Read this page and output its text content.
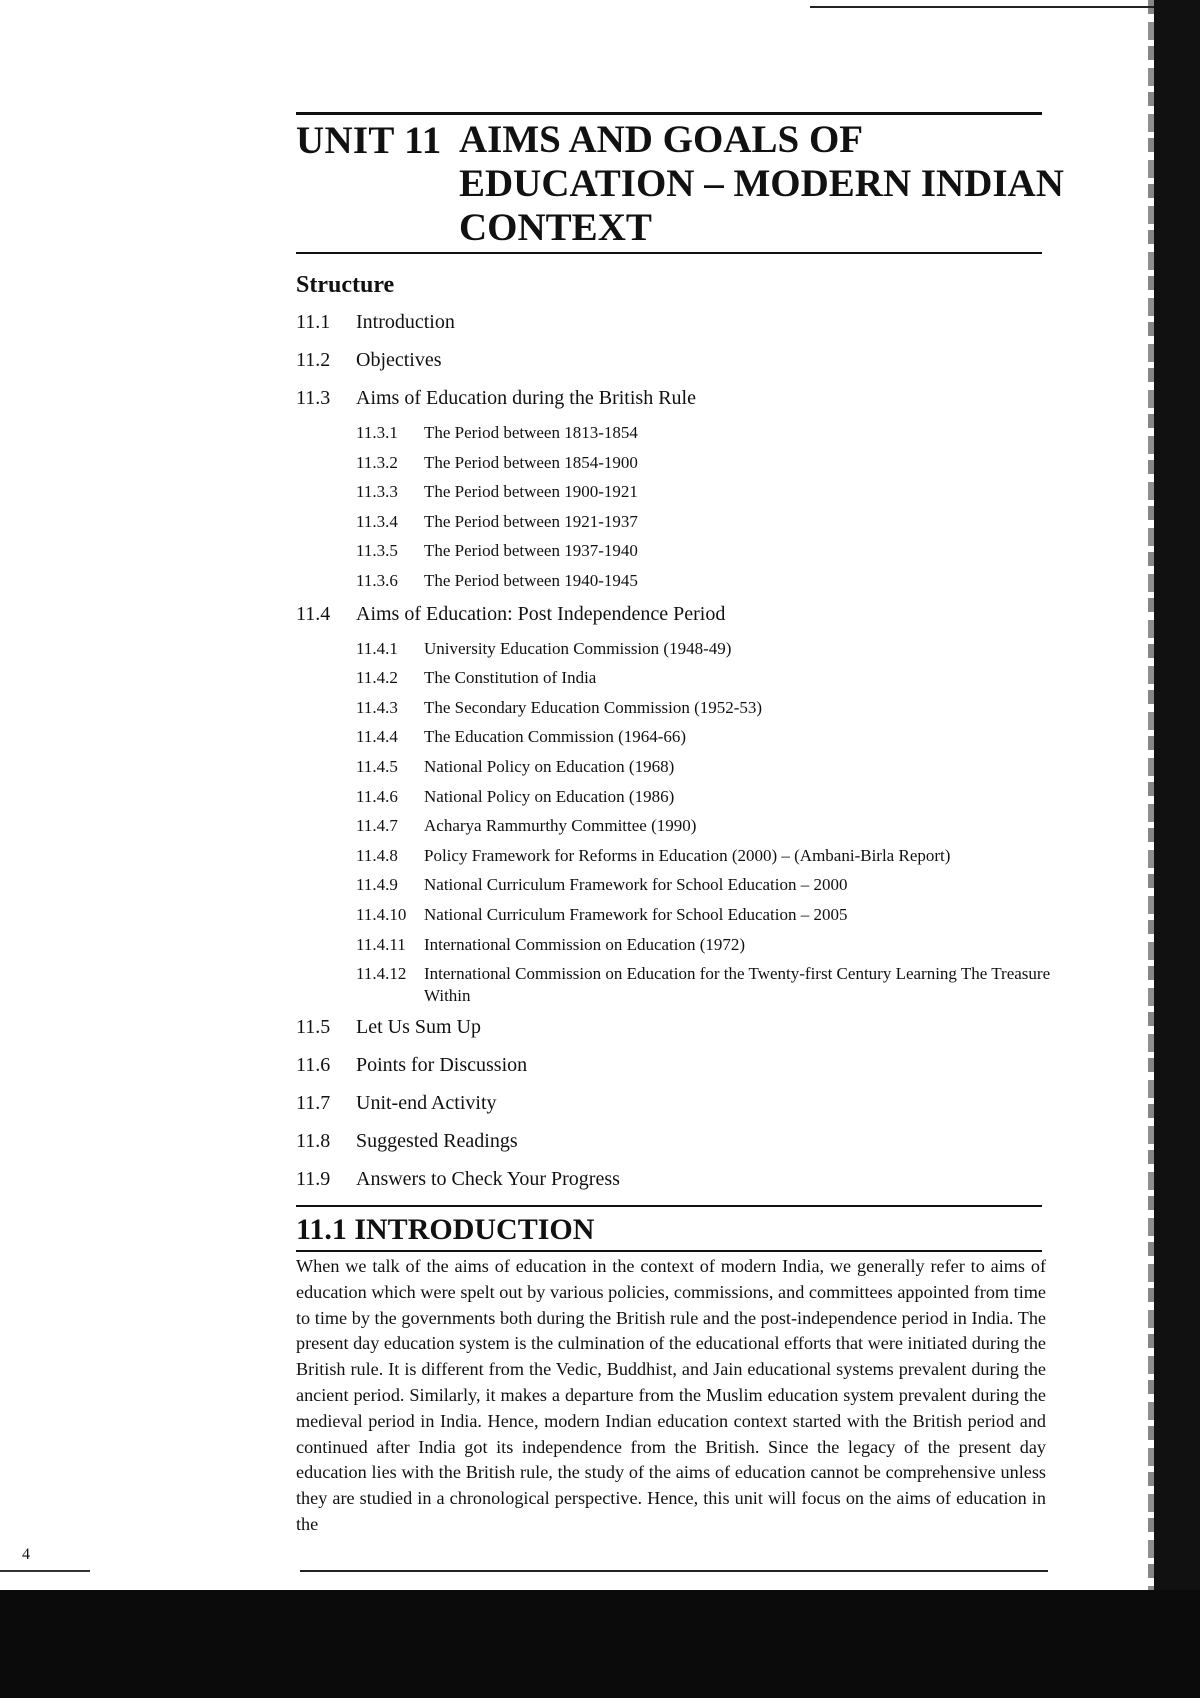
UNIT 11 AIMS AND GOALS OF
EDUCATION – MODERN INDIAN
CONTEXT
Structure
11.1	Introduction
11.2	Objectives
11.3	Aims of Education during the British Rule
11.3.1	The Period between 1813-1854
11.3.2	The Period between 1854-1900
11.3.3	The Period between 1900-1921
11.3.4	The Period between 1921-1937
11.3.5	The Period between 1937-1940
11.3.6	The Period between 1940-1945
11.4	Aims of Education: Post Independence Period
11.4.1	University Education Commission (1948-49)
11.4.2	The Constitution of India
11.4.3	The Secondary Education Commission (1952-53)
11.4.4	The Education Commission (1964-66)
11.4.5	National Policy on Education (1968)
11.4.6	National Policy on Education (1986)
11.4.7	Acharya Rammurthy Committee (1990)
11.4.8	Policy Framework for Reforms in Education (2000) – (Ambani-Birla Report)
11.4.9	National Curriculum Framework for School Education – 2000
11.4.10	National Curriculum Framework for School Education – 2005
11.4.11	International Commission on Education (1972)
11.4.12	International Commission on Education for the Twenty-first Century Learning The Treasure Within
11.5	Let Us Sum Up
11.6	Points for Discussion
11.7	Unit-end Activity
11.8	Suggested Readings
11.9	Answers to Check Your Progress
11.1 INTRODUCTION
When we talk of the aims of education in the context of modern India, we generally refer to aims of education which were spelt out by various policies, commissions, and committees appointed from time to time by the governments both during the British rule and the post-independence period in India. The present day education system is the culmination of the educational efforts that were initiated during the British rule. It is different from the Vedic, Buddhist, and Jain educational systems prevalent during the ancient period. Similarly, it makes a departure from the Muslim education system prevalent during the medieval period in India. Hence, modern Indian education context started with the British period and continued after India got its independence from the British. Since the legacy of the present day education lies with the British rule, the study of the aims of education cannot be comprehensive unless they are studied in a chronological perspective. Hence, this unit will focus on the aims of education in the
4
